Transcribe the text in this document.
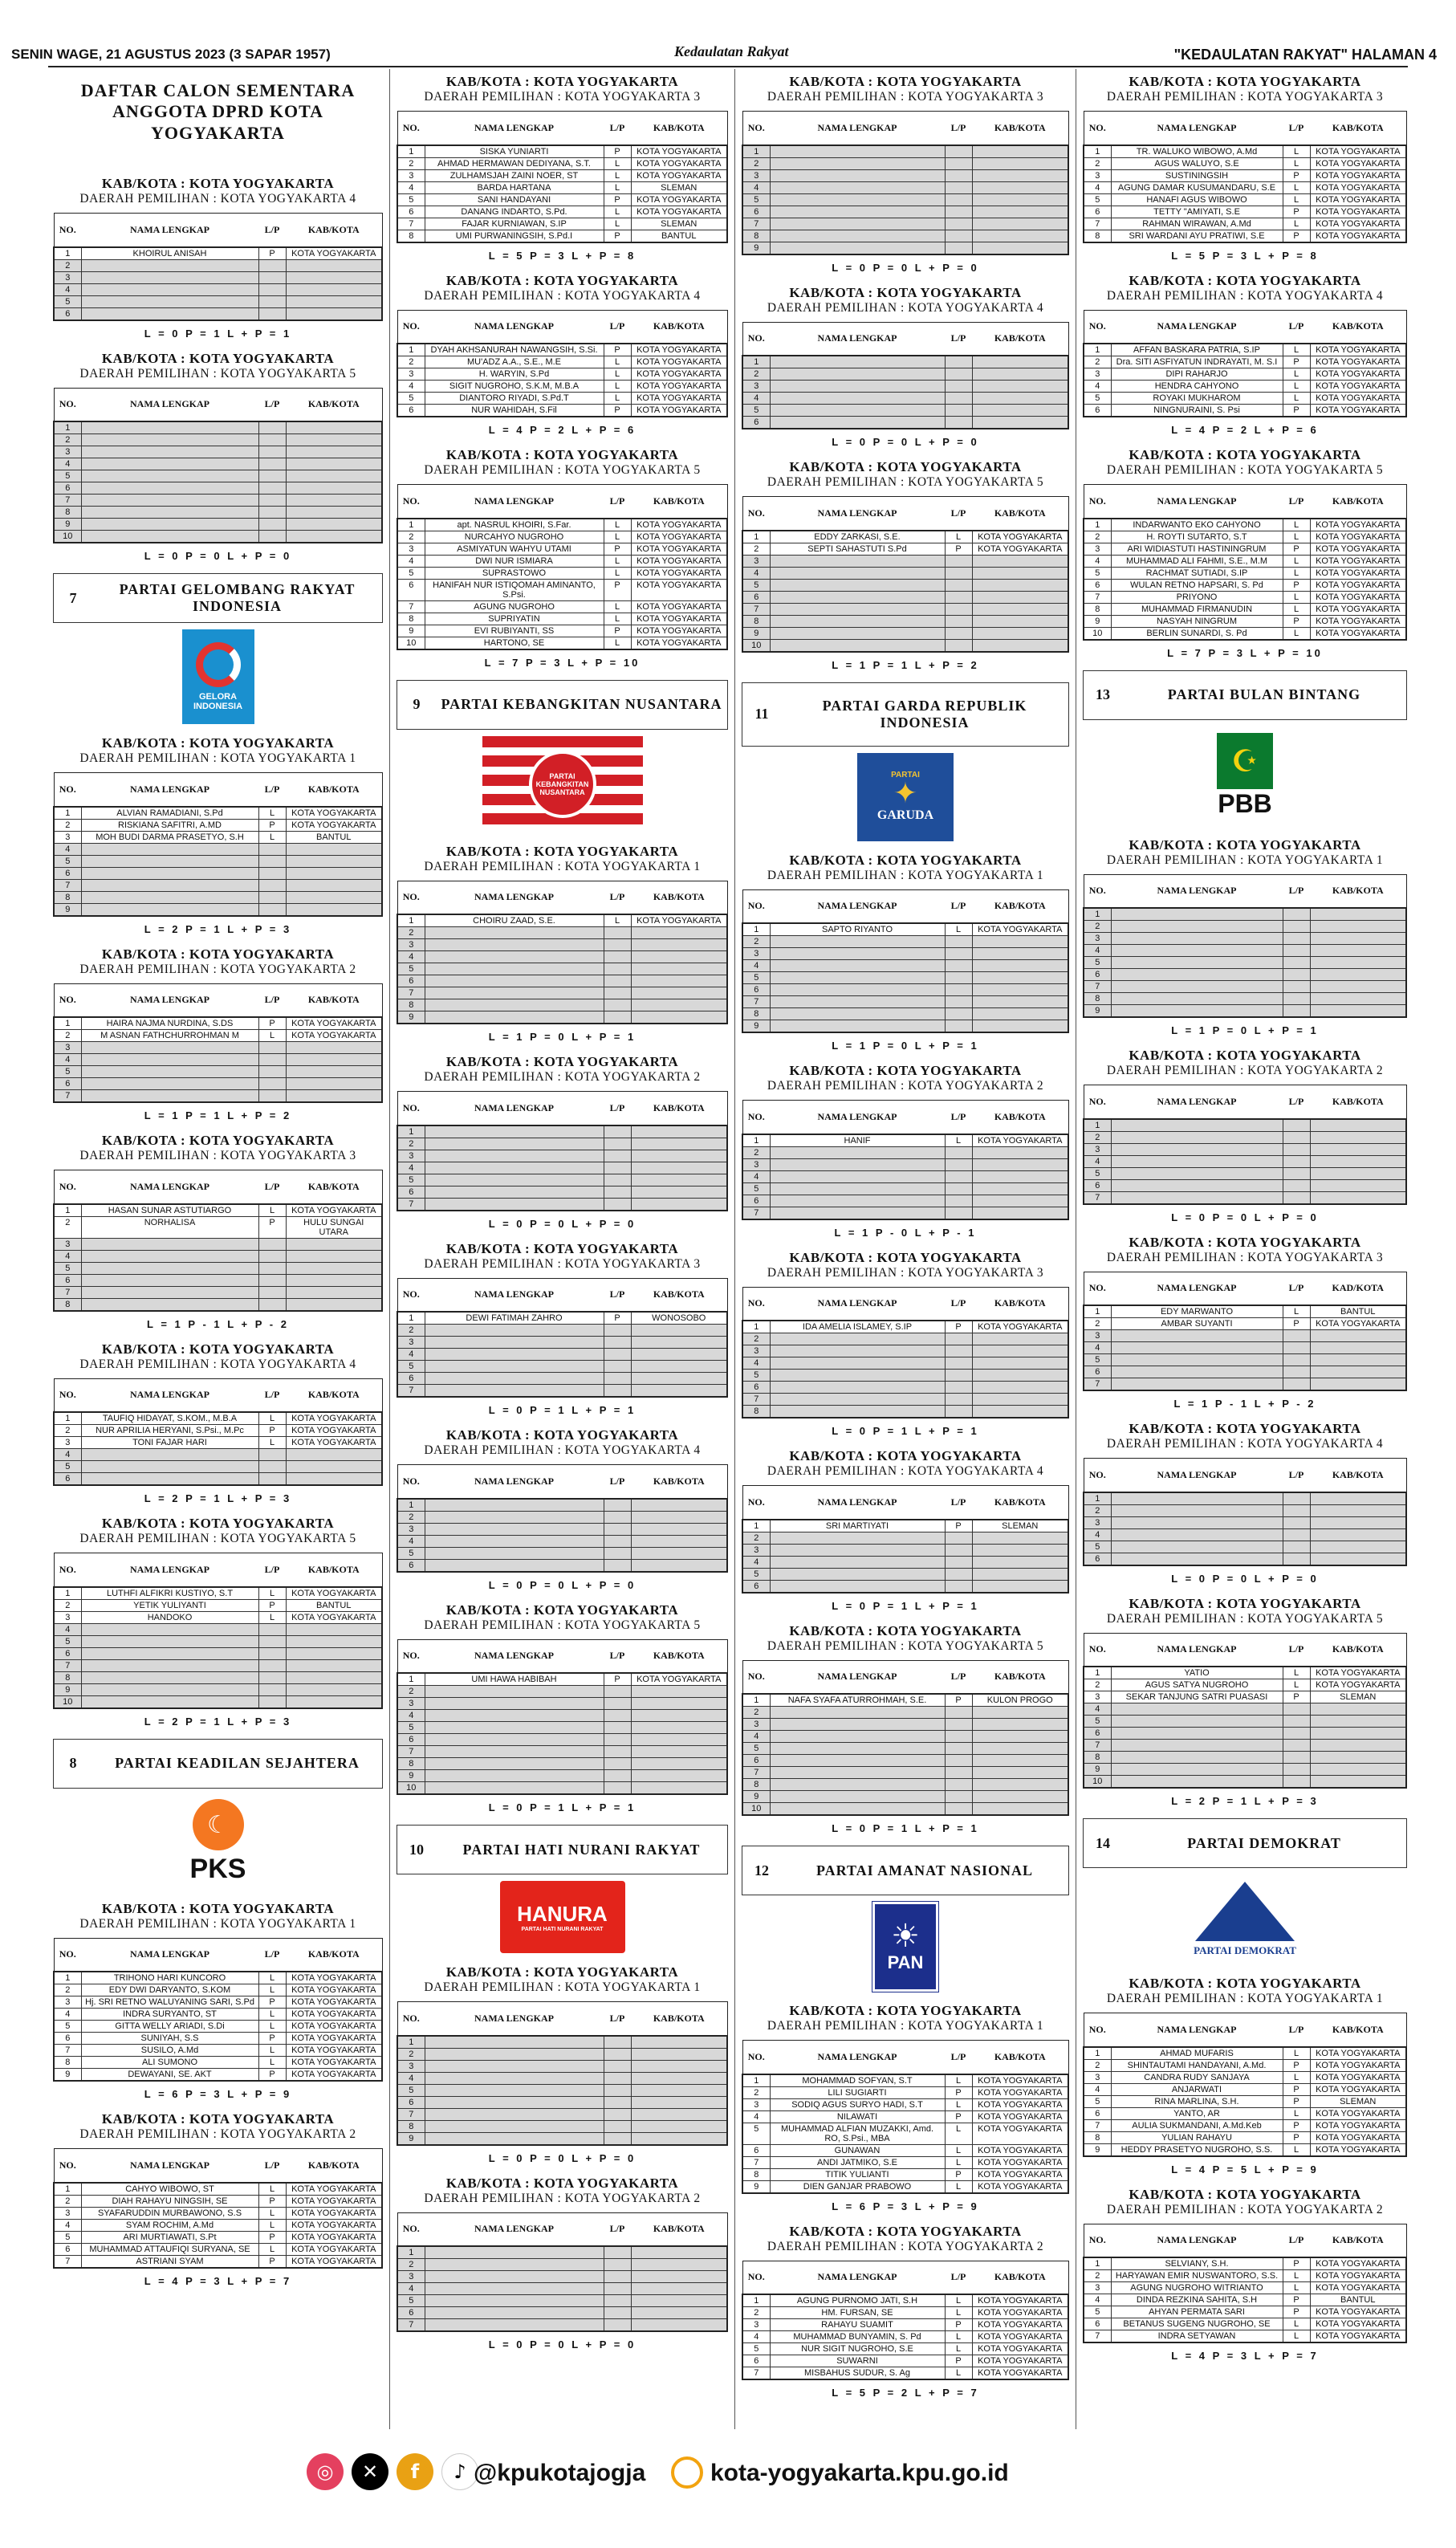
SENIN WAGE, 21 AGUSTUS 2023 (3 SAPAR 1957)	Kedaulatan Rakyat	"KEDAULATAN RAKYAT" HALAMAN 4
DAFTAR CALON SEMENTARA ANGGOTA DPRD KOTA YOGYAKARTA
KAB/KOTA : KOTA YOGYAKARTA
DAERAH PEMILIHAN : KOTA YOGYAKARTA 4
NO.	NAMA LENGKAP	L/P	KAB/KOTA
1	KHOIRUL ANISAH	P	KOTA YOGYAKARTA
2			
3			
4			
5			
6			
L = 0 P = 1 L + P = 1
KAB/KOTA : KOTA YOGYAKARTA
DAERAH PEMILIHAN : KOTA YOGYAKARTA 5
NO.	NAMA LENGKAP	L/P	KAB/KOTA
1			
2			
3			
4			
5			
6			
7			
8			
9			
10			
L = 0 P = 0 L + P = 0
7
PARTAI GELOMBANG RAKYAT INDONESIA
GELORA INDONESIA
KAB/KOTA : KOTA YOGYAKARTA
DAERAH PEMILIHAN : KOTA YOGYAKARTA 1
NO.	NAMA LENGKAP	L/P	KAB/KOTA
1	ALVIAN RAMADIANI, S.Pd	L	KOTA YOGYAKARTA
2	RISKIANA SAFITRI, A.MD	P	KOTA YOGYAKARTA
3	MOH BUDI DARMA PRASETYO, S.H	L	BANTUL
4			
5			
6			
7			
8			
9			
L = 2 P = 1 L + P = 3
KAB/KOTA : KOTA YOGYAKARTA
DAERAH PEMILIHAN : KOTA YOGYAKARTA 2
NO.	NAMA LENGKAP	L/P	KAB/KOTA
1	HAIRA NAJMA NURDINA, S.DS	P	KOTA YOGYAKARTA
2	M ASNAN FATHCHURROHMAN M	L	KOTA YOGYAKARTA
3			
4			
5			
6			
7			
L = 1 P = 1 L + P = 2
KAB/KOTA : KOTA YOGYAKARTA
DAERAH PEMILIHAN : KOTA YOGYAKARTA 3
NO.	NAMA LENGKAP	L/P	KAB/KOTA
1	HASAN SUNAR ASTUTIARGO	L	KOTA YOGYAKARTA
2	NORHALISA	P	HULU SUNGAI UTARA
3			
4			
5			
6			
7			
8			
L = 1 P - 1 L + P - 2
KAB/KOTA : KOTA YOGYAKARTA
DAERAH PEMILIHAN : KOTA YOGYAKARTA 4
NO.	NAMA LENGKAP	L/P	KAB/KOTA
1	TAUFIQ HIDAYAT, S.KOM., M.B.A	L	KOTA YOGYAKARTA
2	NUR APRILIA HERYANI, S.Psi., M.Pc	P	KOTA YOGYAKARTA
3	TONI FAJAR HARI	L	KOTA YOGYAKARTA
4			
5			
6			
L = 2 P = 1 L + P = 3
KAB/KOTA : KOTA YOGYAKARTA
DAERAH PEMILIHAN : KOTA YOGYAKARTA 5
NO.	NAMA LENGKAP	L/P	KAB/KOTA
1	LUTHFI ALFIKRI KUSTIYO, S.T	L	KOTA YOGYAKARTA
2	YETIK YULIYANTI	P	BANTUL
3	HANDOKO	L	KOTA YOGYAKARTA
4			
5			
6			
7			
8			
9			
10			
L = 2 P = 1 L + P = 3
8	PARTAI KEADILAN SEJAHTERA
☾
PKS
KAB/KOTA : KOTA YOGYAKARTA
DAERAH PEMILIHAN : KOTA YOGYAKARTA 1
NO.	NAMA LENGKAP	L/P	KAB/KOTA
1	TRIHONO HARI KUNCORO	L	KOTA YOGYAKARTA
2	EDY DWI DARYANTO, S.KOM	L	KOTA YOGYAKARTA
3	Hj. SRI RETNO WALUYANING SARI, S.Pd	P	KOTA YOGYAKARTA
4	INDRA SURYANTO, ST	L	KOTA YOGYAKARTA
5	GITTA WELLY ARIADI, S.Di	L	KOTA YOGYAKARTA
6	SUNIYAH, S.S	P	KOTA YOGYAKARTA
7	SUSILO, A.Md	L	KOTA YOGYAKARTA
8	ALI SUMONO	L	KOTA YOGYAKARTA
9	DEWAYANI, SE. AKT	P	KOTA YOGYAKARTA
L = 6 P = 3 L + P = 9
KAB/KOTA : KOTA YOGYAKARTA
DAERAH PEMILIHAN : KOTA YOGYAKARTA 2
NO.	NAMA LENGKAP	L/P	KAB/KOTA
1	CAHYO WIBOWO, ST	L	KOTA YOGYAKARTA
2	DIAH RAHAYU NINGSIH, SE	P	KOTA YOGYAKARTA
3	SYAFARUDDIN MURBAWONO, S.S	L	KOTA YOGYAKARTA
4	SYAM ROCHIM, A.Md	L	KOTA YOGYAKARTA
5	ARI MURTIAWATI, S.Pt	P	KOTA YOGYAKARTA
6	MUHAMMAD ATTAUFIQI SURYANA, SE	L	KOTA YOGYAKARTA
7	ASTRIANI SYAM	P	KOTA YOGYAKARTA
L = 4 P = 3 L + P = 7
KAB/KOTA : KOTA YOGYAKARTA
DAERAH PEMILIHAN : KOTA YOGYAKARTA 3
NO.	NAMA LENGKAP	L/P	KAB/KOTA
1	SISKA YUNIARTI	P	KOTA YOGYAKARTA
2	AHMAD HERMAWAN DEDIYANA, S.T.	L	KOTA YOGYAKARTA
3	ZULHAMSJAH ZAINI NOER, ST	L	KOTA YOGYAKARTA
4	BARDA HARTANA	L	SLEMAN
5	SANI HANDAYANI	P	KOTA YOGYAKARTA
6	DANANG INDARTO, S.Pd.	L	KOTA YOGYAKARTA
7	FAJAR KURNIAWAN, S.IP	L	SLEMAN
8	UMI PURWANINGSIH, S.Pd.I	P	BANTUL
L = 5 P = 3 L + P = 8
KAB/KOTA : KOTA YOGYAKARTA
DAERAH PEMILIHAN : KOTA YOGYAKARTA 4
NO.	NAMA LENGKAP	L/P	KAB/KOTA
1	DYAH AKHSANURAH NAWANGSIH, S.Si.	P	KOTA YOGYAKARTA
2	MU'ADZ A.A., S.E., M.E	L	KOTA YOGYAKARTA
3	H. WARYIN, S.Pd	L	KOTA YOGYAKARTA
4	SIGIT NUGROHO, S.K.M, M.B.A	L	KOTA YOGYAKARTA
5	DIANTORO RIYADI, S.Pd.T	L	KOTA YOGYAKARTA
6	NUR WAHIDAH, S.Fil	P	KOTA YOGYAKARTA
L = 4 P = 2 L + P = 6
KAB/KOTA : KOTA YOGYAKARTA
DAERAH PEMILIHAN : KOTA YOGYAKARTA 5
NO.	NAMA LENGKAP	L/P	KAB/KOTA
1	apt. NASRUL KHOIRI, S.Far.	L	KOTA YOGYAKARTA
2	NURCAHYO NUGROHO	L	KOTA YOGYAKARTA
3	ASMIYATUN WAHYU UTAMI	P	KOTA YOGYAKARTA
4	DWI NUR ISMIARA	L	KOTA YOGYAKARTA
5	SUPRASTOWO	L	KOTA YOGYAKARTA
6	HANIFAH NUR ISTIQOMAH AMINANTO, S.Psi.	P	KOTA YOGYAKARTA
7	AGUNG NUGROHO	L	KOTA YOGYAKARTA
8	SUPRIYATIN	L	KOTA YOGYAKARTA
9	EVI RUBIYANTI, SS	P	KOTA YOGYAKARTA
10	HARTONO, SE	L	KOTA YOGYAKARTA
L = 7 P = 3 L + P = 10
9	PARTAI KEBANGKITAN NUSANTARA
PARTAI KEBANGKITAN NUSANTARA
KAB/KOTA : KOTA YOGYAKARTA
DAERAH PEMILIHAN : KOTA YOGYAKARTA 1
NO.	NAMA LENGKAP	L/P	KAB/KOTA
1	CHOIRU ZAAD, S.E.	L	KOTA YOGYAKARTA
2			
3			
4			
5			
6			
7			
8			
9			
L = 1 P = 0 L + P = 1
KAB/KOTA : KOTA YOGYAKARTA
DAERAH PEMILIHAN : KOTA YOGYAKARTA 2
NO.	NAMA LENGKAP	L/P	KAB/KOTA
1			
2			
3			
4			
5			
6			
7			
L = 0 P = 0 L + P = 0
KAB/KOTA : KOTA YOGYAKARTA
DAERAH PEMILIHAN : KOTA YOGYAKARTA 3
NO.	NAMA LENGKAP	L/P	KAB/KOTA
1	DEWI FATIMAH ZAHRO	P	WONOSOBO
2			
3			
4			
5			
6			
7			
L = 0 P = 1 L + P = 1
KAB/KOTA : KOTA YOGYAKARTA
DAERAH PEMILIHAN : KOTA YOGYAKARTA 4
NO.	NAMA LENGKAP	L/P	KAB/KOTA
1			
2			
3			
4			
5			
6			
L = 0 P = 0 L + P = 0
KAB/KOTA : KOTA YOGYAKARTA
DAERAH PEMILIHAN : KOTA YOGYAKARTA 5
NO.	NAMA LENGKAP	L/P	KAB/KOTA
1	UMI HAWA HABIBAH	P	KOTA YOGYAKARTA
2			
3			
4			
5			
6			
7			
8			
9			
10			
L = 0 P = 1 L + P = 1
10	PARTAI HATI NURANI RAKYAT
HANURA
PARTAI HATI NURANI RAKYAT
KAB/KOTA : KOTA YOGYAKARTA
DAERAH PEMILIHAN : KOTA YOGYAKARTA 1
NO.	NAMA LENGKAP	L/P	KAB/KOTA
1			
2			
3			
4			
5			
6			
7			
8			
9			
L = 0 P = 0 L + P = 0
KAB/KOTA : KOTA YOGYAKARTA
DAERAH PEMILIHAN : KOTA YOGYAKARTA 2
NO.	NAMA LENGKAP	L/P	KAB/KOTA
1			
2			
3			
4			
5			
6			
7			
L = 0 P = 0 L + P = 0
KAB/KOTA : KOTA YOGYAKARTA
DAERAH PEMILIHAN : KOTA YOGYAKARTA 3
NO.	NAMA LENGKAP	L/P	KAB/KOTA
1			
2			
3			
4			
5			
6			
7			
8			
9			
L = 0 P = 0 L + P = 0
KAB/KOTA : KOTA YOGYAKARTA
DAERAH PEMILIHAN : KOTA YOGYAKARTA 4
NO.	NAMA LENGKAP	L/P	KAB/KOTA
1			
2			
3			
4			
5			
6			
L = 0 P = 0 L + P = 0
KAB/KOTA : KOTA YOGYAKARTA
DAERAH PEMILIHAN : KOTA YOGYAKARTA 5
NO.	NAMA LENGKAP	L/P	KAB/KOTA
1	EDDY ZARKASI, S.E.	L	KOTA YOGYAKARTA
2	SEPTI SAHASTUTI S.Pd	P	KOTA YOGYAKARTA
3			
4			
5			
6			
7			
8			
9			
10			
L = 1 P = 1 L + P = 2
11
PARTAI GARDA REPUBLIK INDONESIA
PARTAI
✦
GARUDA
KAB/KOTA : KOTA YOGYAKARTA
DAERAH PEMILIHAN : KOTA YOGYAKARTA 1
NO.	NAMA LENGKAP	L/P	KAB/KOTA
1	SAPTO RIYANTO	L	KOTA YOGYAKARTA
2			
3			
4			
5			
6			
7			
8			
9			
L = 1 P = 0 L + P = 1
KAB/KOTA : KOTA YOGYAKARTA
DAERAH PEMILIHAN : KOTA YOGYAKARTA 2
NO.	NAMA LENGKAP	L/P	KAB/KOTA
1	HANIF	L	KOTA YOGYAKARTA
2			
3			
4			
5			
6			
7			
L = 1 P - 0 L + P - 1
KAB/KOTA : KOTA YOGYAKARTA
DAERAH PEMILIHAN : KOTA YOGYAKARTA 3
NO.	NAMA LENGKAP	L/P	KAB/KOTA
1	IDA AMELIA ISLAMEY, S.IP	P	KOTA YOGYAKARTA
2			
3			
4			
5			
6			
7			
8			
L = 0 P = 1 L + P = 1
KAB/KOTA : KOTA YOGYAKARTA
DAERAH PEMILIHAN : KOTA YOGYAKARTA 4
NO.	NAMA LENGKAP	L/P	KAB/KOTA
1	SRI MARTIYATI	P	SLEMAN
2			
3			
4			
5			
6			
L = 0 P = 1 L + P = 1
KAB/KOTA : KOTA YOGYAKARTA
DAERAH PEMILIHAN : KOTA YOGYAKARTA 5
NO.	NAMA LENGKAP	L/P	KAB/KOTA
1	NAFA SYAFA ATURROHMAH, S.E.	P	KULON PROGO
2			
3			
4			
5			
6			
7			
8			
9			
10			
L = 0 P = 1 L + P = 1
12	PARTAI AMANAT NASIONAL
☀
PAN
KAB/KOTA : KOTA YOGYAKARTA
DAERAH PEMILIHAN : KOTA YOGYAKARTA 1
NO.	NAMA LENGKAP	L/P	KAB/KOTA
1	MOHAMMAD SOFYAN, S.T	L	KOTA YOGYAKARTA
2	LILI SUGIARTI	P	KOTA YOGYAKARTA
3	SODIQ AGUS SURYO HADI, S.T	L	KOTA YOGYAKARTA
4	NILAWATI	P	KOTA YOGYAKARTA
5	MUHAMMAD ALFIAN MUZAKKI, Amd. RO, S.Psi., MBA	L	KOTA YOGYAKARTA
6	GUNAWAN	L	KOTA YOGYAKARTA
7	ANDI JATMIKO, S.E	L	KOTA YOGYAKARTA
8	TITIK YULIANTI	P	KOTA YOGYAKARTA
9	DIEN GANJAR PRABOWO	L	KOTA YOGYAKARTA
L = 6 P = 3 L + P = 9
KAB/KOTA : KOTA YOGYAKARTA
DAERAH PEMILIHAN : KOTA YOGYAKARTA 2
NO.	NAMA LENGKAP	L/P	KAB/KOTA
1	AGUNG PURNOMO JATI, S.H	L	KOTA YOGYAKARTA
2	HM. FURSAN, SE	L	KOTA YOGYAKARTA
3	RAHAYU SUAMIT	P	KOTA YOGYAKARTA
4	MUHAMMAD BUNYAMIN, S. Pd	L	KOTA YOGYAKARTA
5	NUR SIGIT NUGROHO, S.E	L	KOTA YOGYAKARTA
6	SUWARNI	P	KOTA YOGYAKARTA
7	MISBAHUS SUDUR, S. Ag	L	KOTA YOGYAKARTA
L = 5 P = 2 L + P = 7
KAB/KOTA : KOTA YOGYAKARTA
DAERAH PEMILIHAN : KOTA YOGYAKARTA 3
NO.	NAMA LENGKAP	L/P	KAB/KOTA
1	TR. WALUKO WIBOWO, A.Md	L	KOTA YOGYAKARTA
2	AGUS WALUYO, S.E	L	KOTA YOGYAKARTA
3	SUSTININGSIH	P	KOTA YOGYAKARTA
4	AGUNG DAMAR KUSUMANDARU, S.E	L	KOTA YOGYAKARTA
5	HANAFI AGUS WIBOWO	L	KOTA YOGYAKARTA
6	TETTY "AMIYATI, S.E	P	KOTA YOGYAKARTA
7	RAHMAN WIRAWAN, A.Md	L	KOTA YOGYAKARTA
8	SRI WARDANI AYU PRATIWI, S.E	P	KOTA YOGYAKARTA
L = 5 P = 3 L + P = 8
KAB/KOTA : KOTA YOGYAKARTA
DAERAH PEMILIHAN : KOTA YOGYAKARTA 4
NO.	NAMA LENGKAP	L/P	KAB/KOTA
1	AFFAN BASKARA PATRIA, S.IP	L	KOTA YOGYAKARTA
2	Dra. SITI ASFIYATUN INDRAYATI, M. S.I	P	KOTA YOGYAKARTA
3	DIPI RAHARJO	L	KOTA YOGYAKARTA
4	HENDRA CAHYONO	L	KOTA YOGYAKARTA
5	ROYAKI MUKHAROM	L	KOTA YOGYAKARTA
6	NINGNURAINI, S. Psi	P	KOTA YOGYAKARTA
L = 4 P = 2 L + P = 6
KAB/KOTA : KOTA YOGYAKARTA
DAERAH PEMILIHAN : KOTA YOGYAKARTA 5
NO.	NAMA LENGKAP	L/P	KAB/KOTA
1	INDARWANTO EKO CAHYONO	L	KOTA YOGYAKARTA
2	H. ROYTI SUTARTO, S.T	L	KOTA YOGYAKARTA
3	ARI WIDIASTUTI HASTININGRUM	P	KOTA YOGYAKARTA
4	MUHAMMAD ALI FAHMI, S.E., M.M	L	KOTA YOGYAKARTA
5	RACHMAT SUTIADI, S.IP	L	KOTA YOGYAKARTA
6	WULAN RETNO HAPSARI, S. Pd	P	KOTA YOGYAKARTA
7	PRIYONO	L	KOTA YOGYAKARTA
8	MUHAMMAD FIRMANUDIN	L	KOTA YOGYAKARTA
9	NASYAH NINGRUM	P	KOTA YOGYAKARTA
10	BERLIN SUNARDI, S. Pd	L	KOTA YOGYAKARTA
L = 7 P = 3 L + P = 10
13	PARTAI BULAN BINTANG
☪
PBB
KAB/KOTA : KOTA YOGYAKARTA
DAERAH PEMILIHAN : KOTA YOGYAKARTA 1
NO.	NAMA LENGKAP	L/P	KAB/KOTA
1			
2			
3			
4			
5			
6			
7			
8			
9			
L = 1 P = 0 L + P = 1
KAB/KOTA : KOTA YOGYAKARTA
DAERAH PEMILIHAN : KOTA YOGYAKARTA 2
NO.	NAMA LENGKAP	L/P	KAB/KOTA
1			
2			
3			
4			
5			
6			
7			
L = 0 P = 0 L + P = 0
KAB/KOTA : KOTA YOGYAKARTA
DAERAH PEMILIHAN : KOTA YOGYAKARTA 3
NO.	NAMA LENGKAP	L/P	KAD/KOTA
1	EDY MARWANTO	L	BANTUL
2	AMBAR SUYANTI	P	KOTA YOGYAKARTA
3			
4			
5			
6			
7			
L = 1 P - 1 L + P - 2
KAB/KOTA : KOTA YOGYAKARTA
DAERAH PEMILIHAN : KOTA YOGYAKARTA 4
NO.	NAMA LENGKAP	L/P	KAB/KOTA
1			
2			
3			
4			
5			
6			
L = 0 P = 0 L + P = 0
KAB/KOTA : KOTA YOGYAKARTA
DAERAH PEMILIHAN : KOTA YOGYAKARTA 5
NO.	NAMA LENGKAP	L/P	KAB/KOTA
1	YATIO	L	KOTA YOGYAKARTA
2	AGUS SATYA NUGROHO	L	KOTA YOGYAKARTA
3	SEKAR TANJUNG SATRI PUASASI	P	SLEMAN
4			
5			
6			
7			
8			
9			
10			
L = 2 P = 1 L + P = 3
14	PARTAI DEMOKRAT
PARTAI DEMOKRAT
KAB/KOTA : KOTA YOGYAKARTA
DAERAH PEMILIHAN : KOTA YOGYAKARTA 1
NO.	NAMA LENGKAP	L/P	KAB/KOTA
1	AHMAD MUFARIS	L	KOTA YOGYAKARTA
2	SHINTAUTAMI HANDAYANI, A.Md.	P	KOTA YOGYAKARTA
3	CANDRA RUDY SANJAYA	L	KOTA YOGYAKARTA
4	ANJARWATI	P	KOTA YOGYAKARTA
5	RINA MARLINA, S.H.	P	SLEMAN
6	YANTO, AR	L	KOTA YOGYAKARTA
7	AULIA SUKMANDANI, A.Md.Keb	P	KOTA YOGYAKARTA
8	YULIAN RAHAYU	P	KOTA YOGYAKARTA
9	HEDDY PRASETYO NUGROHO, S.S.	L	KOTA YOGYAKARTA
L = 4 P = 5 L + P = 9
KAB/KOTA : KOTA YOGYAKARTA
DAERAH PEMILIHAN : KOTA YOGYAKARTA 2
NO.	NAMA LENGKAP	L/P	KAB/KOTA
1	SELVIANY, S.H.	P	KOTA YOGYAKARTA
2	HARYAWAN EMIR NUSWANTORO, S.S.	L	KOTA YOGYAKARTA
3	AGUNG NUGROHO WITRIANTO	L	KOTA YOGYAKARTA
4	DINDA REZKINA SAHITA, S.H	P	BANTUL
5	AHYAN PERMATA SARI	P	KOTA YOGYAKARTA
6	BETANUS SUGENG NUGROHO, SE	L	KOTA YOGYAKARTA
7	INDRA SETYAWAN	L	KOTA YOGYAKARTA
L = 4 P = 3 L + P = 7
◎	✕	f	♪ @kpukotajogja	kota-yogyakarta.kpu.go.id
